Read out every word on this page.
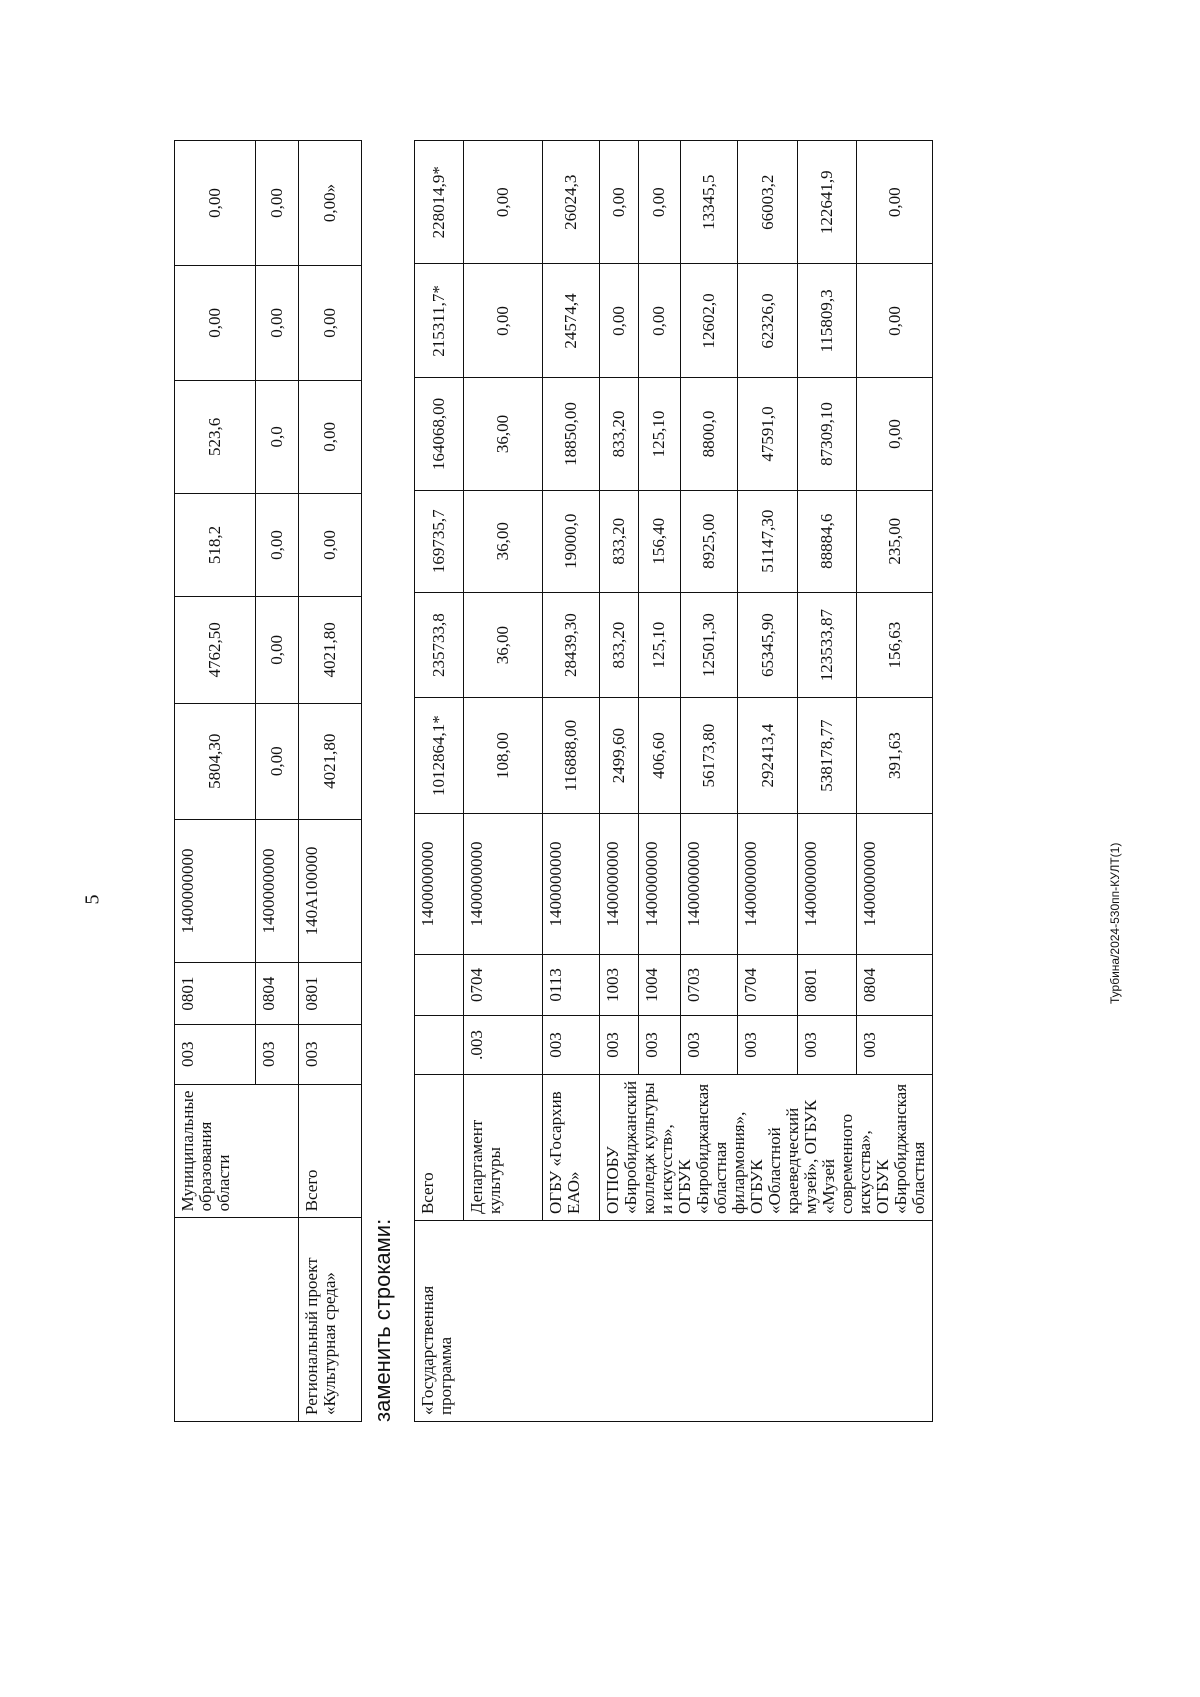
5	Турбина/2024-530пп-КУЛТ(1)
	Муниципальные образования области	003	0801	1400000000	5804,30	4762,50	518,2	523,6	0,00	0,00
		003	0804	1400000000	0,00	0,00	0,00	0,0	0,00	0,00
Региональный проект «Культурная среда»	Всего	003	0801	140A100000	4021,80	4021,80	0,00	0,00	0,00	0,00»
заменить строками: «Государственная программа	Всего			1400000000	1012864,1*	235733,8	169735,7	164068,00	215311,7*	228014,9*
	Департамент культуры	.003	0704	1400000000	108,00	36,00	36,00	36,00	0,00	0,00
	ОГБУ «Госархив ЕАО»	003	0113	1400000000	116888,00	28439,30	19000,0	18850,00	24574,4	26024,3
	ОГПОБУ «Биробиджанский колледж культуры и искусств», ОГБУК «Биробиджанская областная филармония», ОГБУК «Областной краеведческий музей», ОГБУК «Музей современного искусства», ОГБУК «Биробиджанская областная	003	1003	1400000000	2499,60	833,20	833,20	833,20	0,00	0,00
		003	1004	1400000000	406,60	125,10	156,40	125,10	0,00	0,00
		003	0703	1400000000	56173,80	12501,30	8925,00	8800,0	12602,0	13345,5
		003	0704	1400000000	292413,4	65345,90	51147,30	47591,0	62326,0	66003,2
		003	0801	1400000000	538178,77	123533,87	88884,6	87309,10	115809,3	122641,9
		003	0804	1400000000	391,63	156,63	235,00	0,00	0,00	0,00
